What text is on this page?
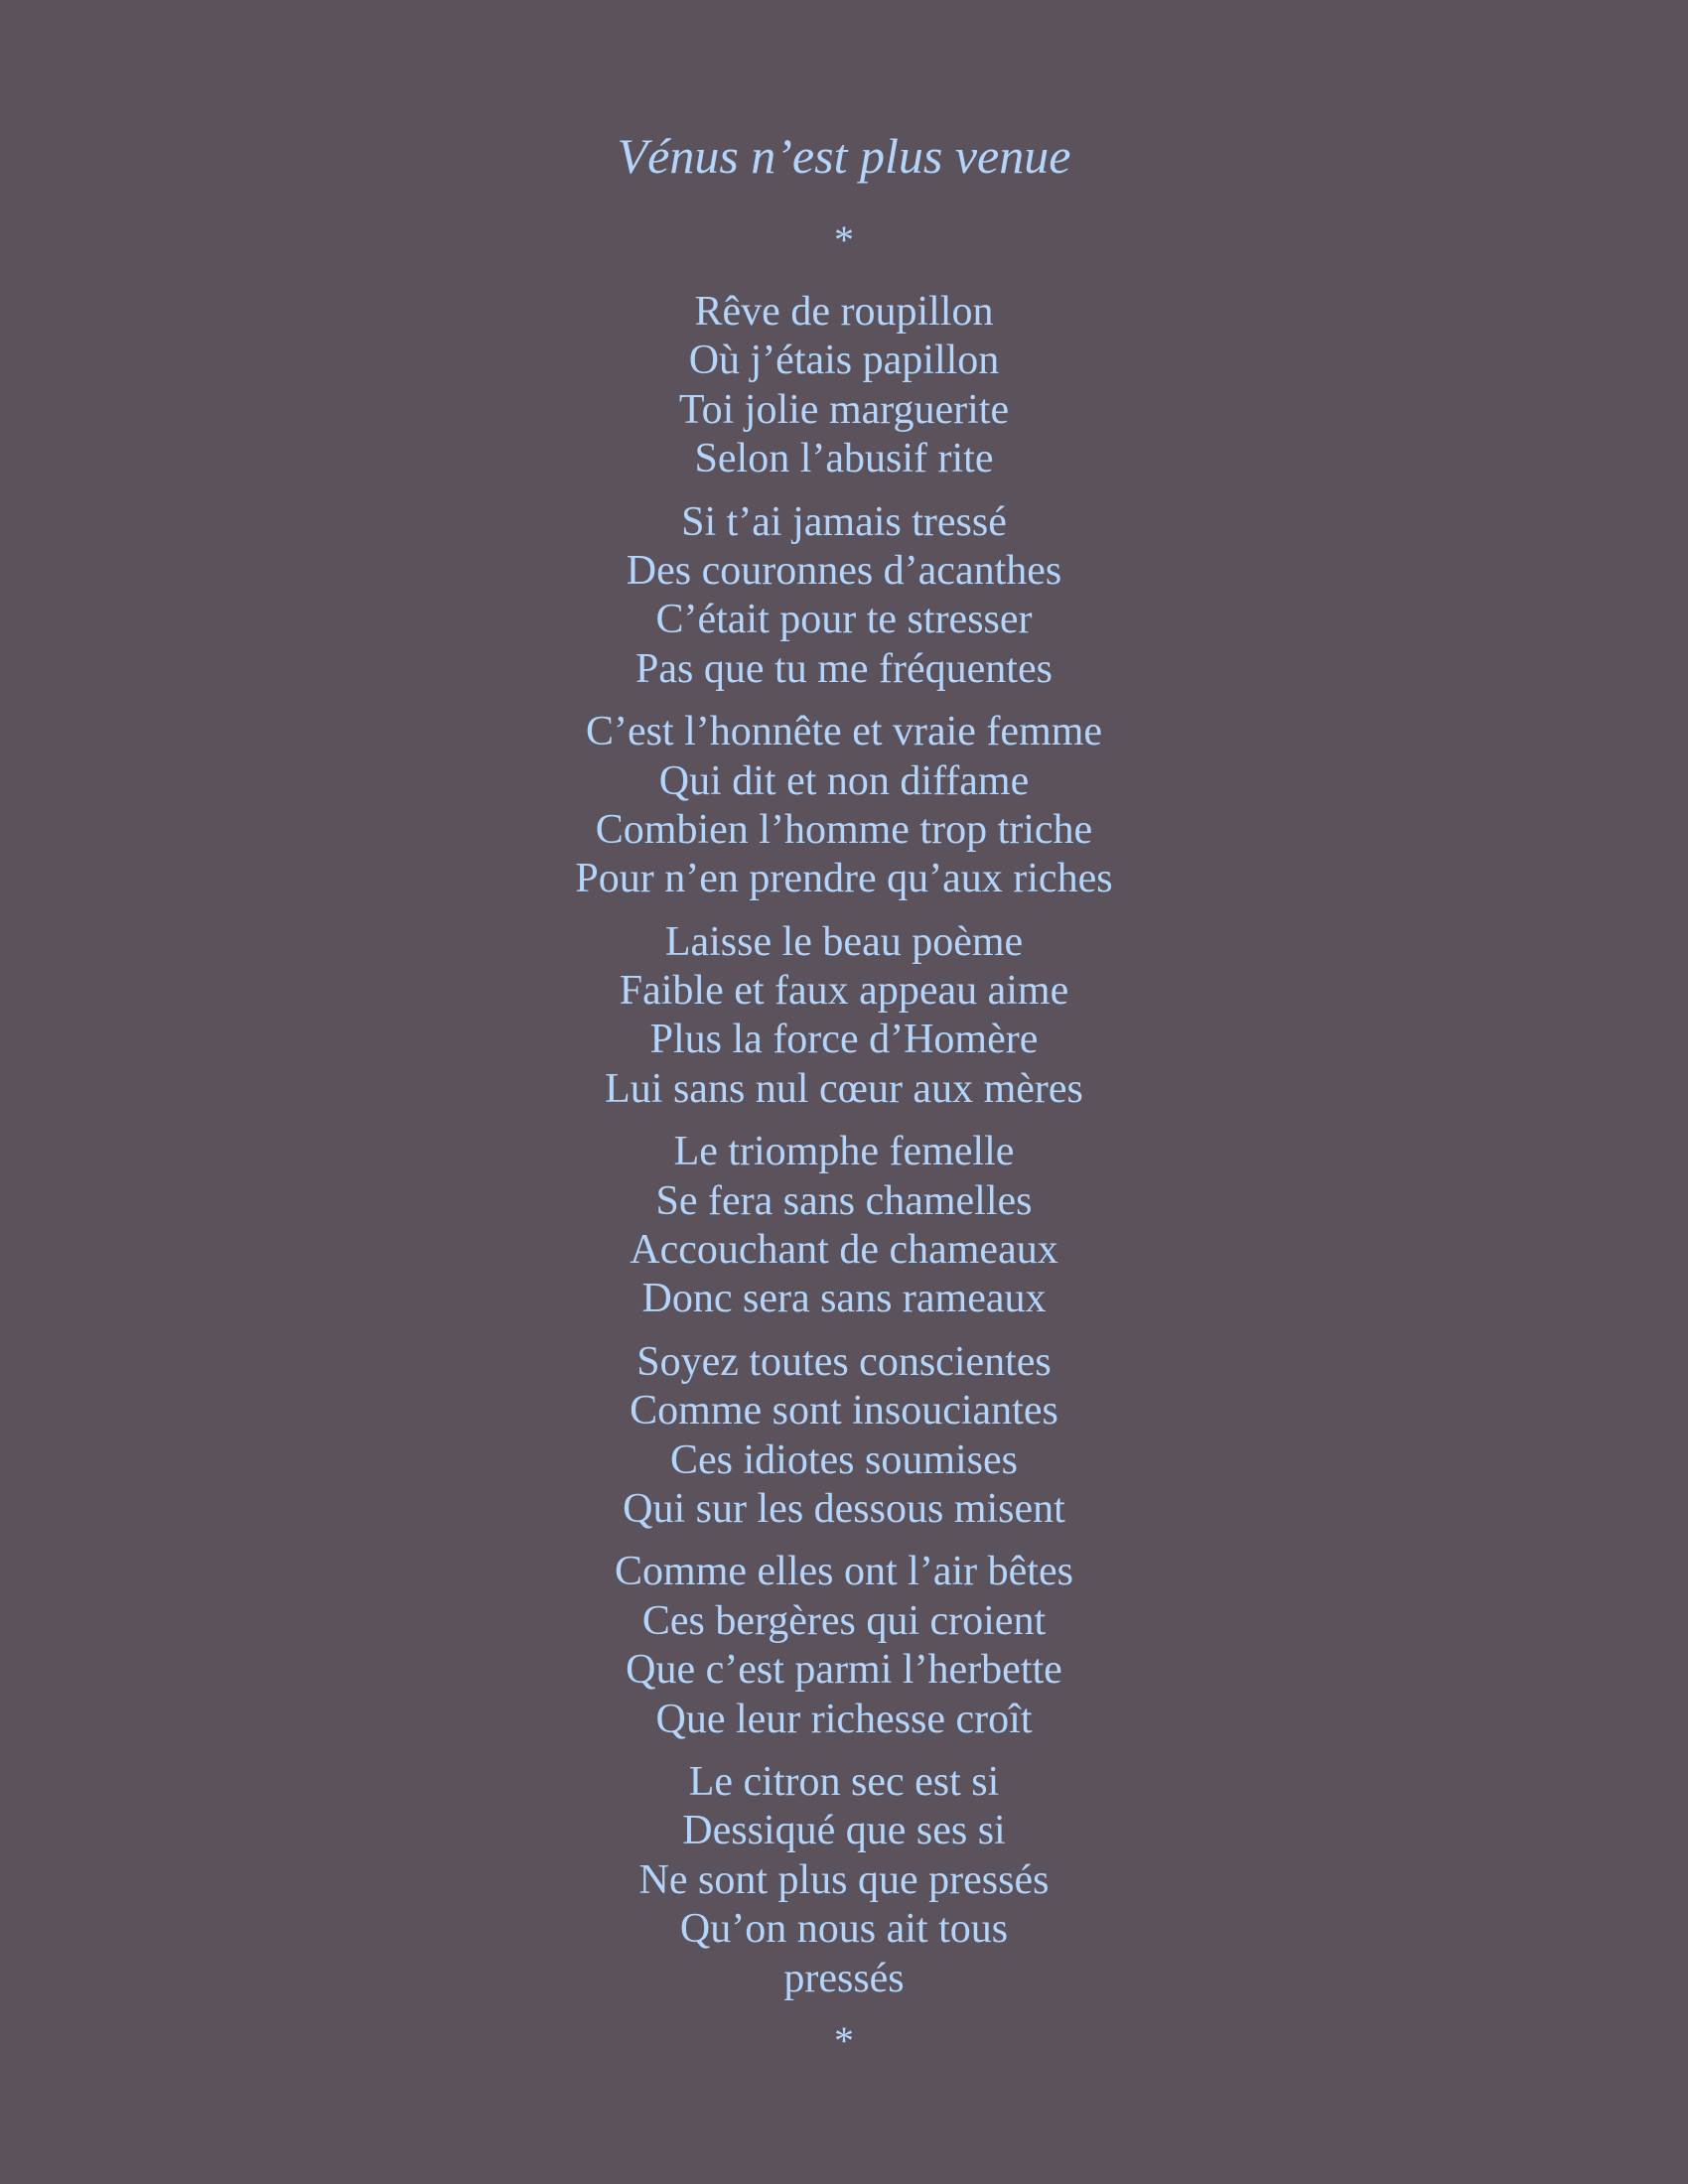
Vénus n’est plus venue
*
Rêve de roupillon
Où j’étais papillon
Toi jolie marguerite
Selon l’abusif rite
Si t’ai jamais tressé
Des couronnes d’acanthes
C’était pour te stresser
Pas que tu me fréquentes
C’est l’honnête et vraie femme
Qui dit et non diffame
Combien l’homme trop triche
Pour n’en prendre qu’aux riches
Laisse le beau poème
Faible et faux appeau aime
Plus la force d’Homère
Lui sans nul cœur aux mères
Le triomphe femelle
Se fera sans chamelles
Accouchant de chameaux
Donc sera sans rameaux
Soyez toutes conscientes
Comme sont insouciantes
Ces idiotes soumises
Qui sur les dessous misent
Comme elles ont l’air bêtes
Ces bergères qui croient
Que c’est parmi l’herbette
Que leur richesse croît
Le citron sec est si
Dessiqué que ses si
Ne sont plus que pressés
Qu’on nous ait tous
pressés
*
